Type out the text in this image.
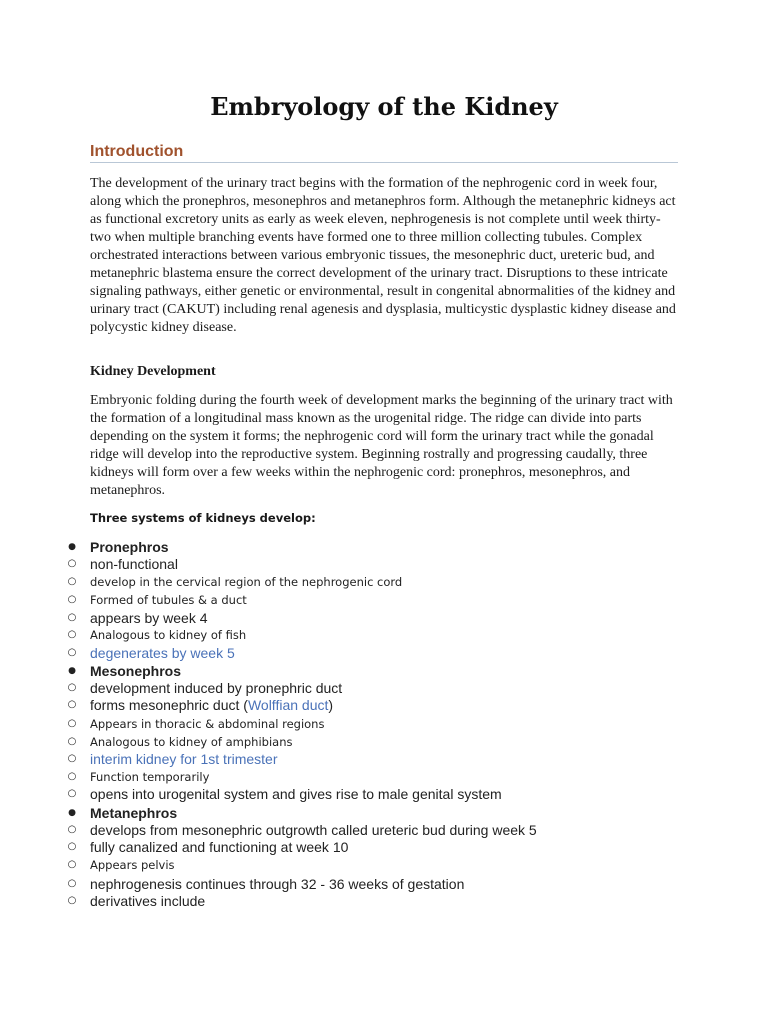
Embryology of the Kidney
Introduction

The development of the urinary tract begins with the formation of the nephrogenic cord in week four, along which the pronephros, mesonephros and metanephros form. Although the metanephric kidneys act as functional excretory units as early as week eleven, nephrogenesis is not complete until week thirty-two when multiple branching events have formed one to three million collecting tubules. Complex orchestrated interactions between various embryonic tissues, the mesonephric duct, ureteric bud, and metanephric blastema ensure the correct development of the urinary tract. Disruptions to these intricate signaling pathways, either genetic or environmental, result in congenital abnormalities of the kidney and urinary tract (CAKUT) including renal agenesis and dysplasia, multicystic dysplastic kidney disease and polycystic kidney disease.

Kidney Development

Embryonic folding during the fourth week of development marks the beginning of the urinary tract with the formation of a longitudinal mass known as the urogenital ridge. The ridge can divide into parts depending on the system it forms; the nephrogenic cord will form the urinary tract while the gonadal ridge will develop into the reproductive system. Beginning rostrally and progressing caudally, three kidneys will form over a few weeks within the nephrogenic cord: pronephros, mesonephros, and metanephros.

Three systems of kidneys develop:
● Pronephros
○ non-functional
○ develop in the cervical region of the nephrogenic cord
○ Formed of tubules & a duct
○ appears by week 4
○ Analogous to kidney of fish
○ degenerates by week 5
● Mesonephros
○ development induced by pronephric duct
○ forms mesonephric duct (Wolffian duct)
○ Appears in thoracic & abdominal regions
○ Analogous to kidney of amphibians
○ interim kidney for 1st trimester
○ Function temporarily
○ opens into urogenital system and gives rise to male genital system
● Metanephros
○ develops from mesonephric outgrowth called ureteric bud during week 5
○ fully canalized and functioning at week 10
○ Appears pelvis
○ nephrogenesis continues through 32 - 36 weeks of gestation
○ derivatives include
